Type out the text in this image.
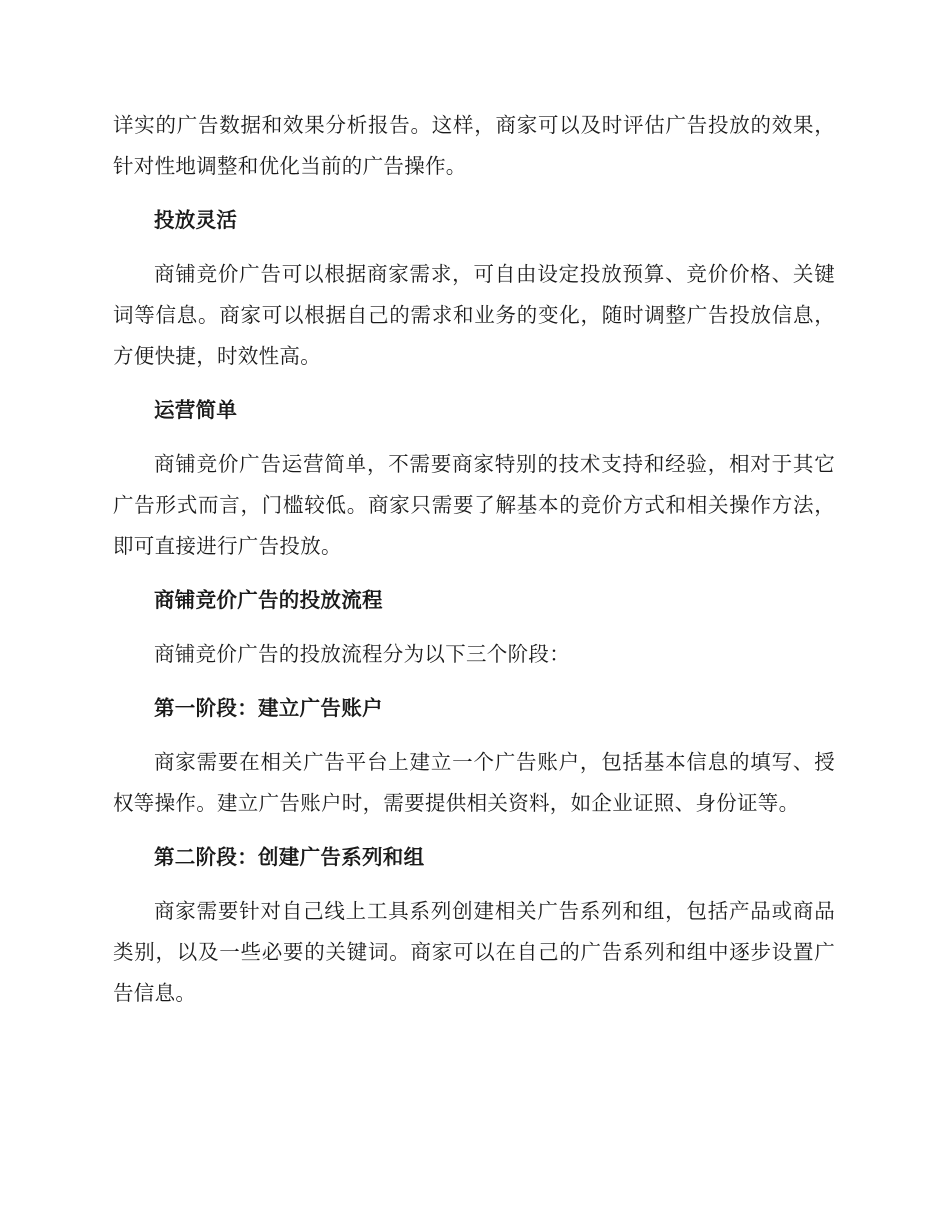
详实的广告数据和效果分析报告。这样，商家可以及时评估广告投放的效果，针对性地调整和优化当前的广告操作。

投放灵活

商铺竞价广告可以根据商家需求，可自由设定投放预算、竞价价格、关键词等信息。商家可以根据自己的需求和业务的变化，随时调整广告投放信息，方便快捷，时效性高。

运营简单

商铺竞价广告运营简单，不需要商家特别的技术支持和经验，相对于其它广告形式而言，门槛较低。商家只需要了解基本的竞价方式和相关操作方法，即可直接进行广告投放。

商铺竞价广告的投放流程

商铺竞价广告的投放流程分为以下三个阶段：

第一阶段：建立广告账户

商家需要在相关广告平台上建立一个广告账户，包括基本信息的填写、授权等操作。建立广告账户时，需要提供相关资料，如企业证照、身份证等。

第二阶段：创建广告系列和组

商家需要针对自己线上工具系列创建相关广告系列和组，包括产品或商品类别，以及一些必要的关键词。商家可以在自己的广告系列和组中逐步设置广告信息。
